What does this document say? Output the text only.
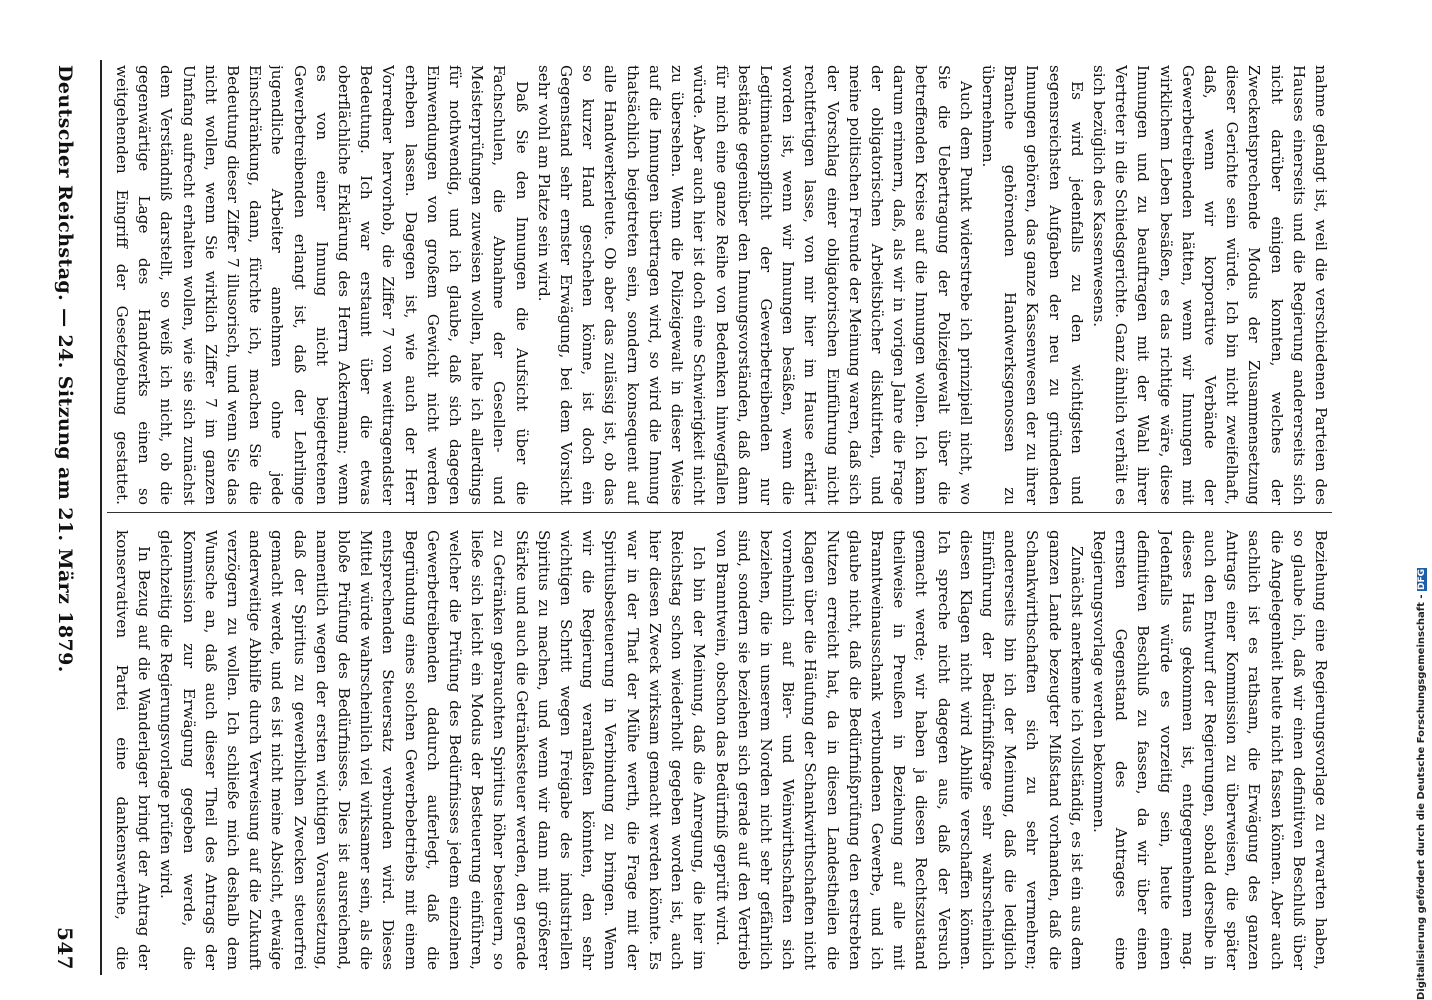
nahme gelangt ist, weil die verschiedenen Parteien des Hauses einerseits und die Regierung andererseits sich nicht darüber einigen konnten, welches der Zweckentsprechende Modus der Zusammensetzung dieser Gerichte sein würde. Ich bin nicht zweifelhaft, daß, wenn wir korporative Verbände der Gewerbetreibenden hätten, wenn wir Innungen mit wirklichem Leben besäßen, es das richtige wäre, diese Innungen und zu beauftragen mit der Wahl ihrer Vertreter in die Schiedsgerichte. Ganz ähnlich verhält es sich bezüglich des Kassenwesens.

Es wird jedenfalls zu den wichtigsten und segensreichsten Aufgaben der neu zu gründenden Innungen gehören, das ganze Kassenwesen der zu ihrer Branche gehörenden Handwerksgenossen zu übernehmen.

Auch dem Punkt widerstrebe ich prinzipiell nicht, wo Sie die Uebertragung der Polizeigewalt über die betreffenden Kreise auf die Innungen wollen. Ich kann darum erinnern, daß, als wir in vorigen Jahre die Frage der obligatorischen Arbeitsbücher diskutirten, und meine politischen Freunde der Meinung waren, daß sich der Vorschlag einer obligatorischen Einführung nicht rechtfertigen lasse, von mir hier im Hause erklärt worden ist, wenn wir Innungen besäßen, wenn die Legitimationspflicht der Gewerbetreibenden nur bestände gegenüber den Innungsvorständen, daß dann für mich eine ganze Reihe von Bedenken hinwegfallen würde. Aber auch hier ist doch eine Schwierigkeit nicht zu übersehen. Wenn die Polizeigewalt in dieser Weise auf die Innungen übertragen wird, so wird die Innung thatsächlich beigetreten sein, sondern konsequent auf alle Handwerkerleute. Ob aber das zulässig ist, ob das so kurzer Hand geschehen könne, ist doch ein Gegenstand sehr ernster Erwägung, bei dem Vorsicht sehr wohl am Platze sein wird.

Daß Sie den Innungen die Aufsicht über die Fachschulen, die Abnahme der Gesellen- und Meisterprüfungen zuweisen wollen, halte ich allerdings für nothwendig, und ich glaube, daß sich dagegen Einwendungen von großem Gewicht nicht werden erheben lassen. Dagegen ist, wie auch der Herr Vorredner hervorhob, die Ziffer 7 von weittragendster Bedeutung. Ich war erstaunt über die etwas oberflächliche Erklärung des Herrn Ackermann; wenn es von einer Innung nicht beigetretenen Gewerbetreibenden erlangt ist, daß der Lehrlinge jugendliche Arbeiter annehmen ohne jede Einschränkung, dann, fürchte ich, machen Sie die Bedeutung dieser Ziffer 7 illusorisch, und wenn Sie das nicht wollen, wenn Sie wirklich Ziffer 7 im ganzen Umfang aufrecht erhalten wollen, wie sie sich zunächst dem Verständniß darstellt, so weiß ich nicht, ob die gegenwärtige Lage des Handwerks einen so weitgehenden Eingriff der Gesetzgebung gestattet.

Beziehung eine Regierungsvorlage zu erwarten haben, so glaube ich, daß wir einen definitiven Beschluß über die Angelegenheit heute nicht fassen können. Aber auch sachlich ist es rathsam, die Erwägung des ganzen Antrags einer Kommission zu überweisen, die später auch den Entwurf der Regierungen, sobald derselbe in dieses Haus gekommen ist, entgegennehmen mag. Jedenfalls würde es vorzeitig sein, heute einen definitiven Beschluß zu fassen, da wir über einen ernsten Gegenstand des Antrages eine Regierungsvorlage werden bekommen.

Zunächst anerkenne ich vollständig, es ist ein aus dem ganzen Lande bezeugter Mißstand vorhanden, daß die Schankwirthschaften sich zu sehr vermehren; andererseits bin ich der Meinung, daß die lediglich Einführung der Bedürfnißfrage sehr wahrscheinlich diesen Klagen nicht wird Abhilfe verschaffen können. Ich spreche nicht dagegen aus, daß der Versuch gemacht werde; wir haben ja diesen Rechtszustand theilweise in Preußen in Beziehung auf alle mit Branntweinausschank verbundenen Gewerbe, und ich glaube nicht, daß die Bedürfnißprüfung den erstrebten Nutzen erreicht hat, da in diesen Landestheilen die Klagen über die Häufung der Schankwirthschaften nicht vornehmlich auf Bier- und Weinwirthschaften sich beziehen, die in unserem Norden nicht sehr gefährlich sind, sondern sie beziehen sich gerade auf den Vertrieb von Branntwein, obschon das Bedürfniß geprüft wird.

Ich bin der Meinung, daß die Anregung, die hier im Reichstag schon wiederholt gegeben worden ist, auch hier diesen Zweck wirksam gemacht werden könnte. Es war in der That der Mühe werth, die Frage mit der Spiritusbesteuerung in Verbindung zu bringen. Wenn wir die Regierung veranlaßten könnten, den sehr wichtigen Schritt wegen Freigabe des industriellen Spiritus zu machen, und wenn wir dann mit größerer Stärke und auch die Getränkesteuer werden, den gerade zu Getränken gebrauchten Spiritus höher besteuern, so ließe sich leicht ein Modus der Besteuerung einführen, welcher die Prüfung des Bedürfnisses jedem einzelnen Gewerbetreibenden dadurch auferlegt, daß die Begründung eines solchen Gewerbebetriebs mit einem entsprechenden Steuersatz verbunden wird. Dieses Mittel würde wahrscheinlich viel wirksamer sein, als die bloße Prüfung des Bedürfnisses. Dies ist ausreichend, namentlich wegen der ersten wichtigen Voraussetzung, daß der Spiritus zu gewerblichen Zwecken steuerfrei gemacht werde, und es ist nicht meine Absicht, etwaige anderweitige Abhilfe durch Verweisung auf die Zukunft verzögern zu wollen. Ich schließe mich deshalb dem Wunsche an, daß auch dieser Theil des Antrags der Kommission zur Erwägung gegeben werde, die gleichzeitig die Regierungsvorlage prüfen wird.

In Bezug auf die Wanderlager bringt der Antrag der konservativen Partei eine dankenswerthe, die

Deutscher Reichstag. — 24. Sitzung am 21. März 1879.
547	Digitalisierung gefördert durch die Deutsche Forschungsgemeinschaft - DFG
